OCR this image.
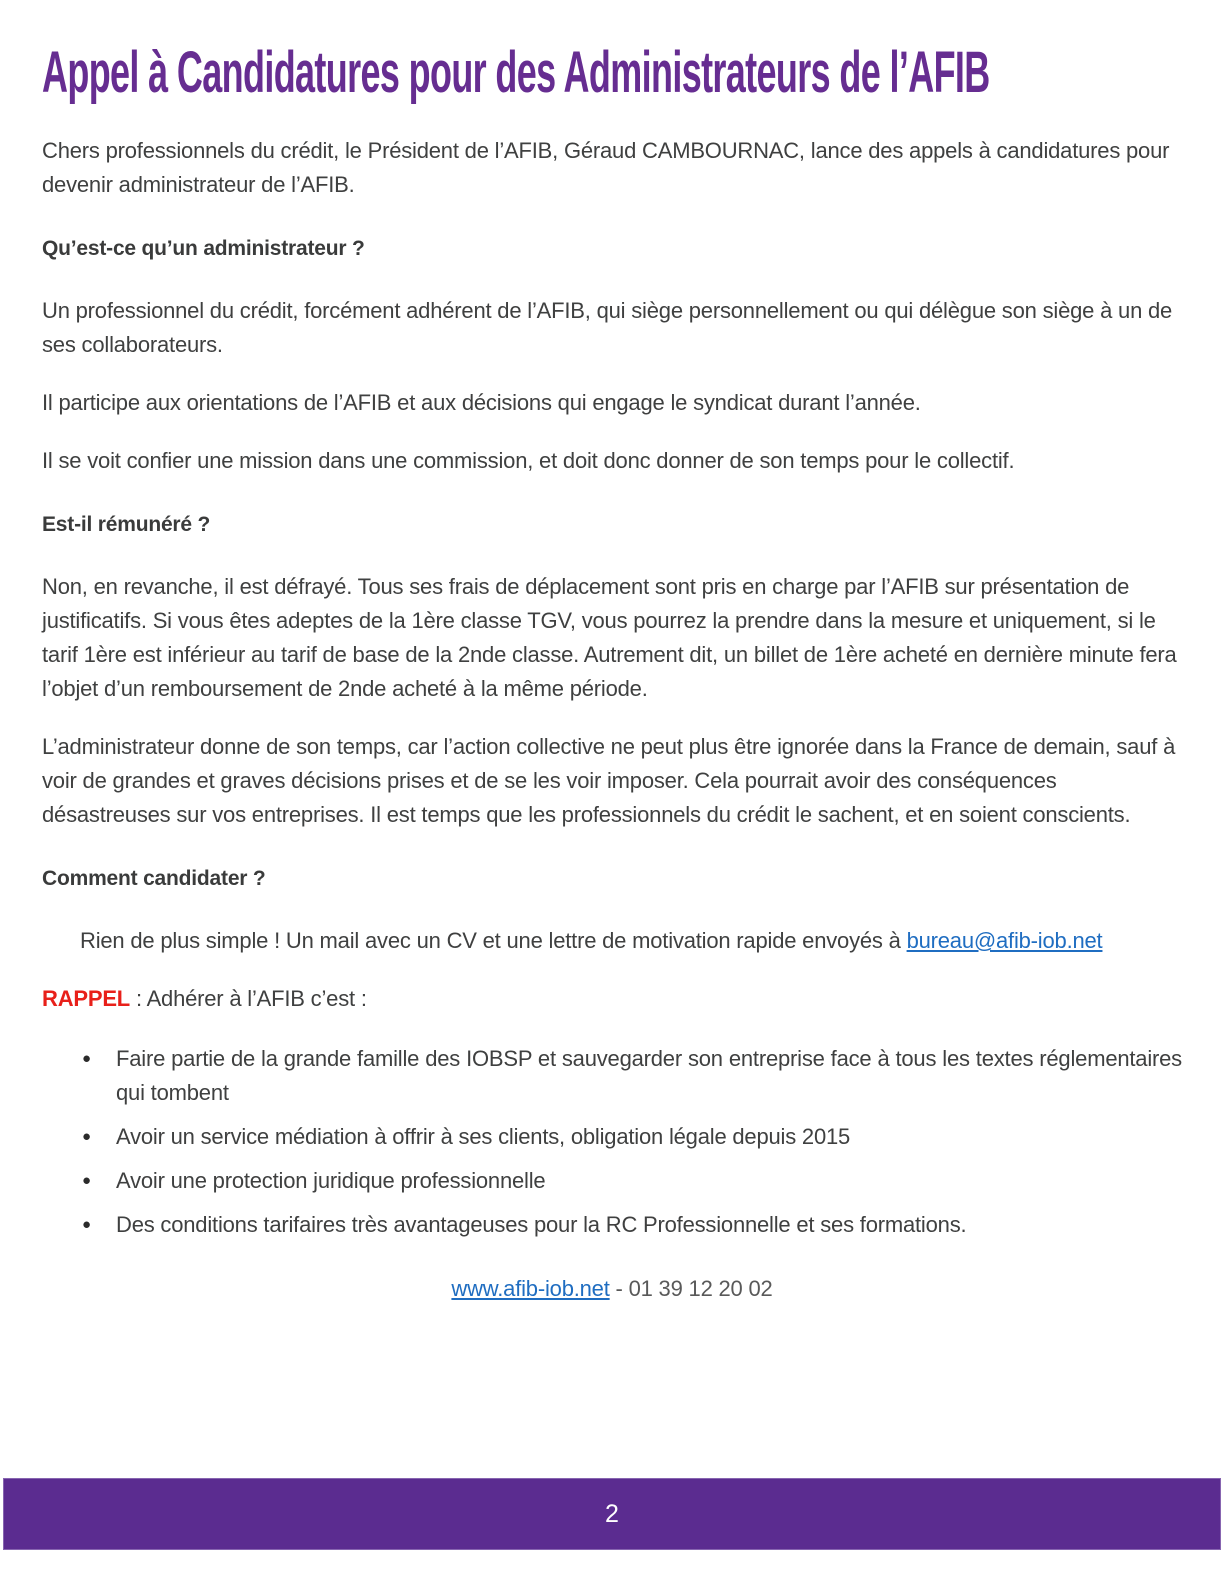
Appel à Candidatures pour des Administrateurs de l’AFIB

Chers professionnels du crédit, le Président de l’AFIB, Géraud CAMBOURNAC, lance des appels à candidatures pour devenir administrateur de l’AFIB.

Qu’est-ce qu’un administrateur ?

Un professionnel du crédit, forcément adhérent de l’AFIB, qui siège personnellement ou qui délègue son siège à un de ses collaborateurs.

Il participe aux orientations de l’AFIB et aux décisions qui engage le syndicat durant l’année.

Il se voit confier une mission dans une commission, et doit donc donner de son temps pour le collectif.

Est-il rémunéré ?

Non, en revanche, il est défrayé. Tous ses frais de déplacement sont pris en charge par l’AFIB sur présentation de justificatifs. Si vous êtes adeptes de la 1ère classe TGV, vous pourrez la prendre dans la mesure et uniquement, si le tarif 1ère est inférieur au tarif de base de la 2nde classe. Autrement dit, un billet de 1ère acheté en dernière minute fera l’objet d’un remboursement de 2nde acheté à la même période.

L’administrateur donne de son temps, car l’action collective ne peut plus être ignorée dans la France de demain, sauf à voir de grandes et graves décisions prises et de se les voir imposer. Cela pourrait avoir des conséquences désastreuses sur vos entreprises. Il est temps que les professionnels du crédit le sachent, et en soient conscients.

Comment candidater ?

Rien de plus simple ! Un mail avec un CV et une lettre de motivation rapide envoyés à bureau@afib-iob.net

RAPPEL : Adhérer à l’AFIB c’est :

●	Faire partie de la grande famille des IOBSP et sauvegarder son entreprise face à tous les textes réglementaires qui tombent
●	Avoir un service médiation à offrir à ses clients, obligation légale depuis 2015
●	Avoir une protection juridique professionnelle
●	Des conditions tarifaires très avantageuses pour la RC Professionnelle et ses formations.

www.afib-iob.net - 01 39 12 20 02

2
